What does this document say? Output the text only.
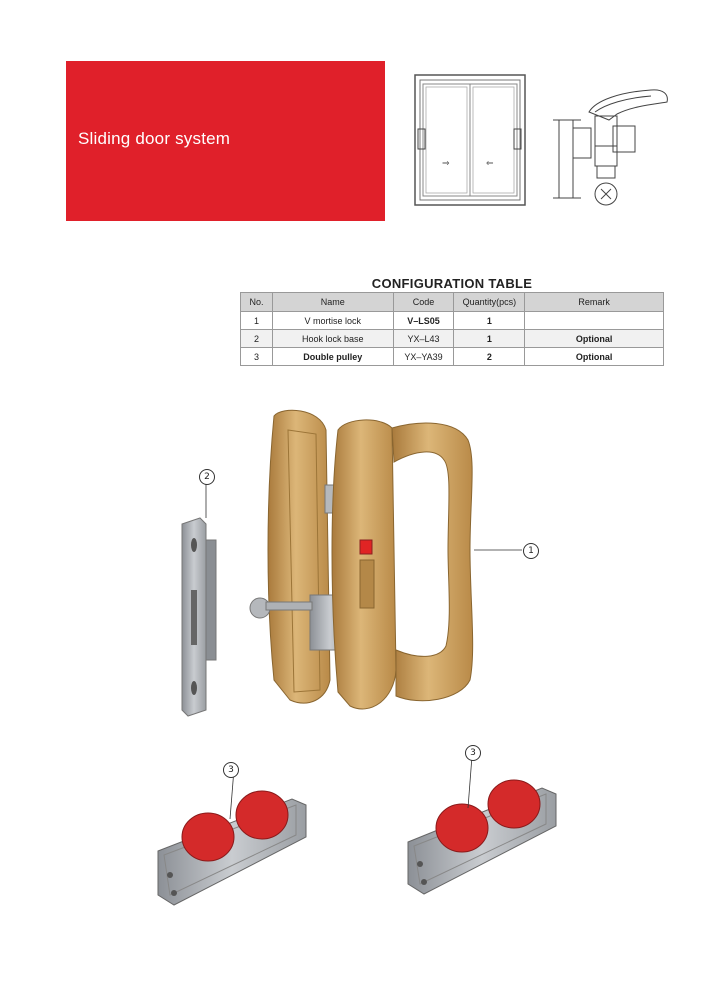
Sliding door system
⇒	⇐
CONFIGURATION TABLE
No.	Name	Code	Quantity(pcs)	Remark
1	V mortise lock	V–LS05	1	
2	Hook lock base	YX–L43	1	Optional
3	Double pulley	YX–YA39	2	Optional
2
1
3
3
